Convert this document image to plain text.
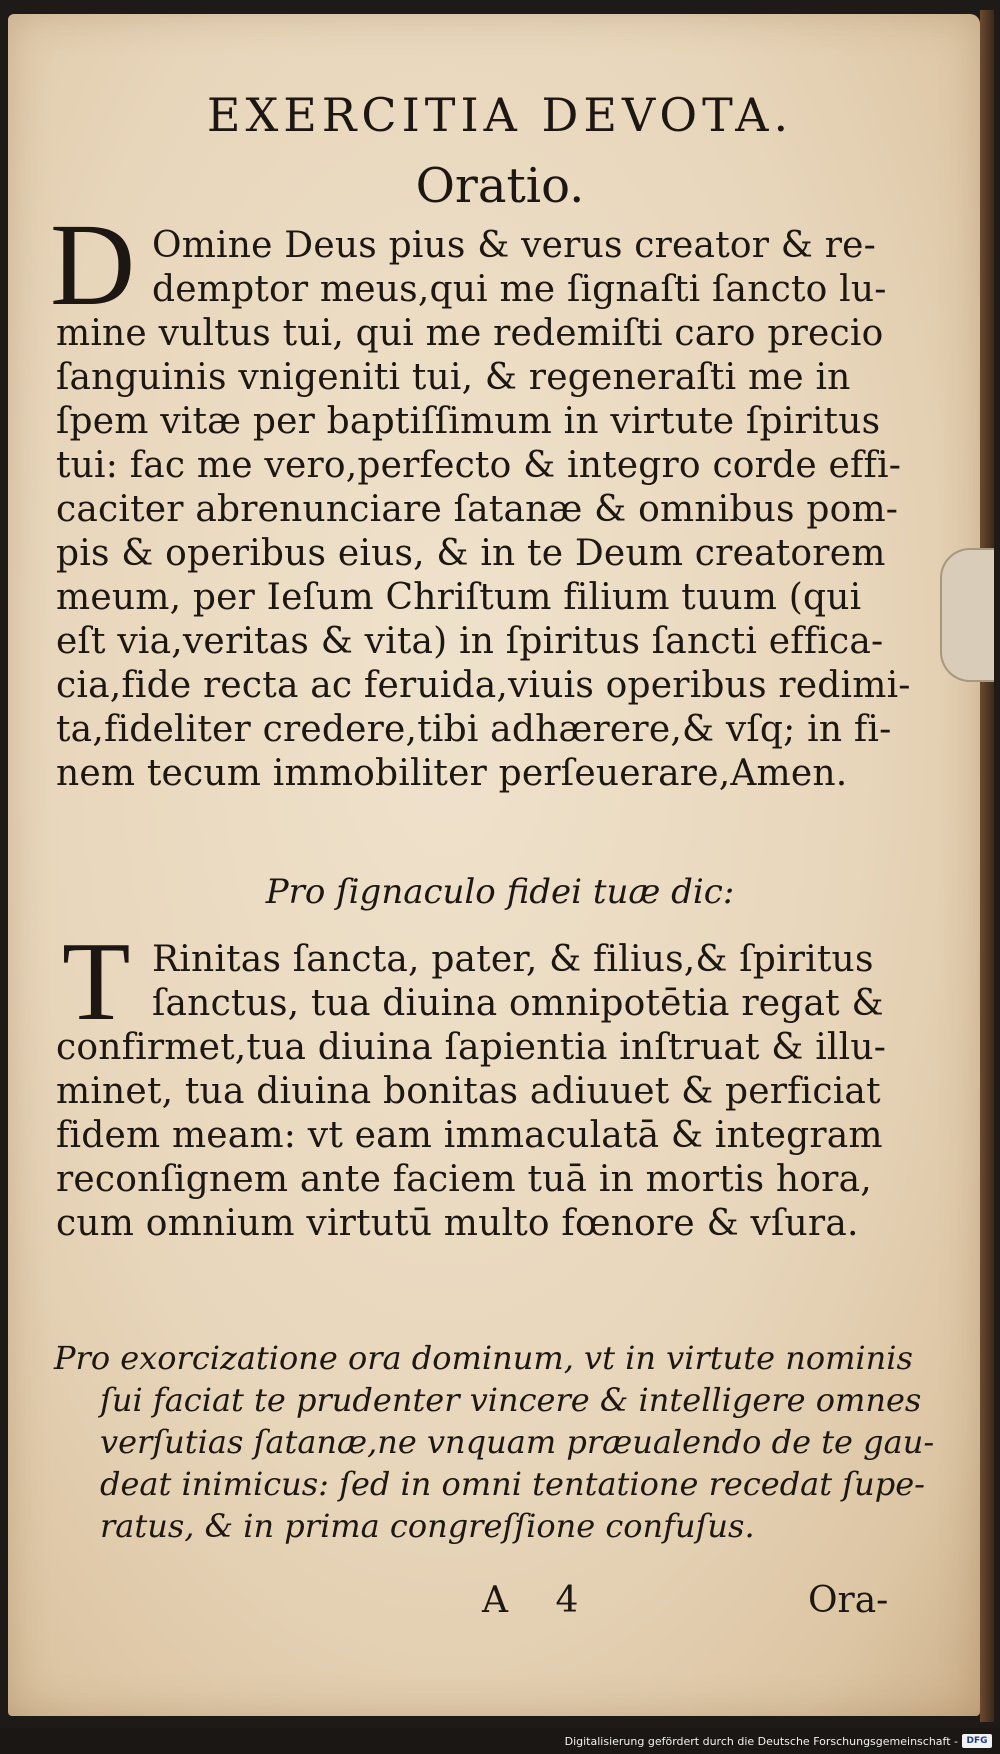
EXERCITIA DEVOTA.

Oratio.

D Omine Deus pius & verus creator & re-

demptor meus,qui me ſignaſti ſancto lu-

mine vultus tui, qui me redemiſti caro precio

ſanguinis vnigeniti tui, & regeneraſti me in

ſpem vitæ per baptiſſimum in virtute ſpiritus

tui: fac me vero,perfecto & integro corde effi-

caciter abrenunciare ſatanæ & omnibus pom-

pis & operibus eius, & in te Deum creatorem

meum, per Ieſum Chriſtum filium tuum (qui

eſt via,veritas & vita) in ſpiritus ſancti effica-

cia,fide recta ac feruida,viuis operibus redimi-

ta,fideliter credere,tibi adhærere,& vſq; in fi-

nem tecum immobiliter perſeuerare,Amen.

Pro ſignaculo fidei tuæ dic:

T Rinitas ſancta, pater, & filius,& ſpiritus

ſanctus, tua diuina omnipotētia regat &

confirmet,tua diuina ſapientia inſtruat & illu-

minet, tua diuina bonitas adiuuet & perficiat

fidem meam: vt eam immaculatā & integram

reconſignem ante faciem tuā in mortis hora,

cum omnium virtutū multo fœnore & vſura.

Pro exorcizatione ora dominum, vt in virtute nominis

ſui faciat te prudenter vincere & intelligere omnes

verſutias ſatanæ,ne vnquam præualendo de te gau-

deat inimicus: ſed in omni tentatione recedat ſupe-

ratus, & in prima congreſſione confuſus.

A 4	Ora-

Digitalisierung gefördert durch die Deutsche Forschungsgemeinschaft - DFG
